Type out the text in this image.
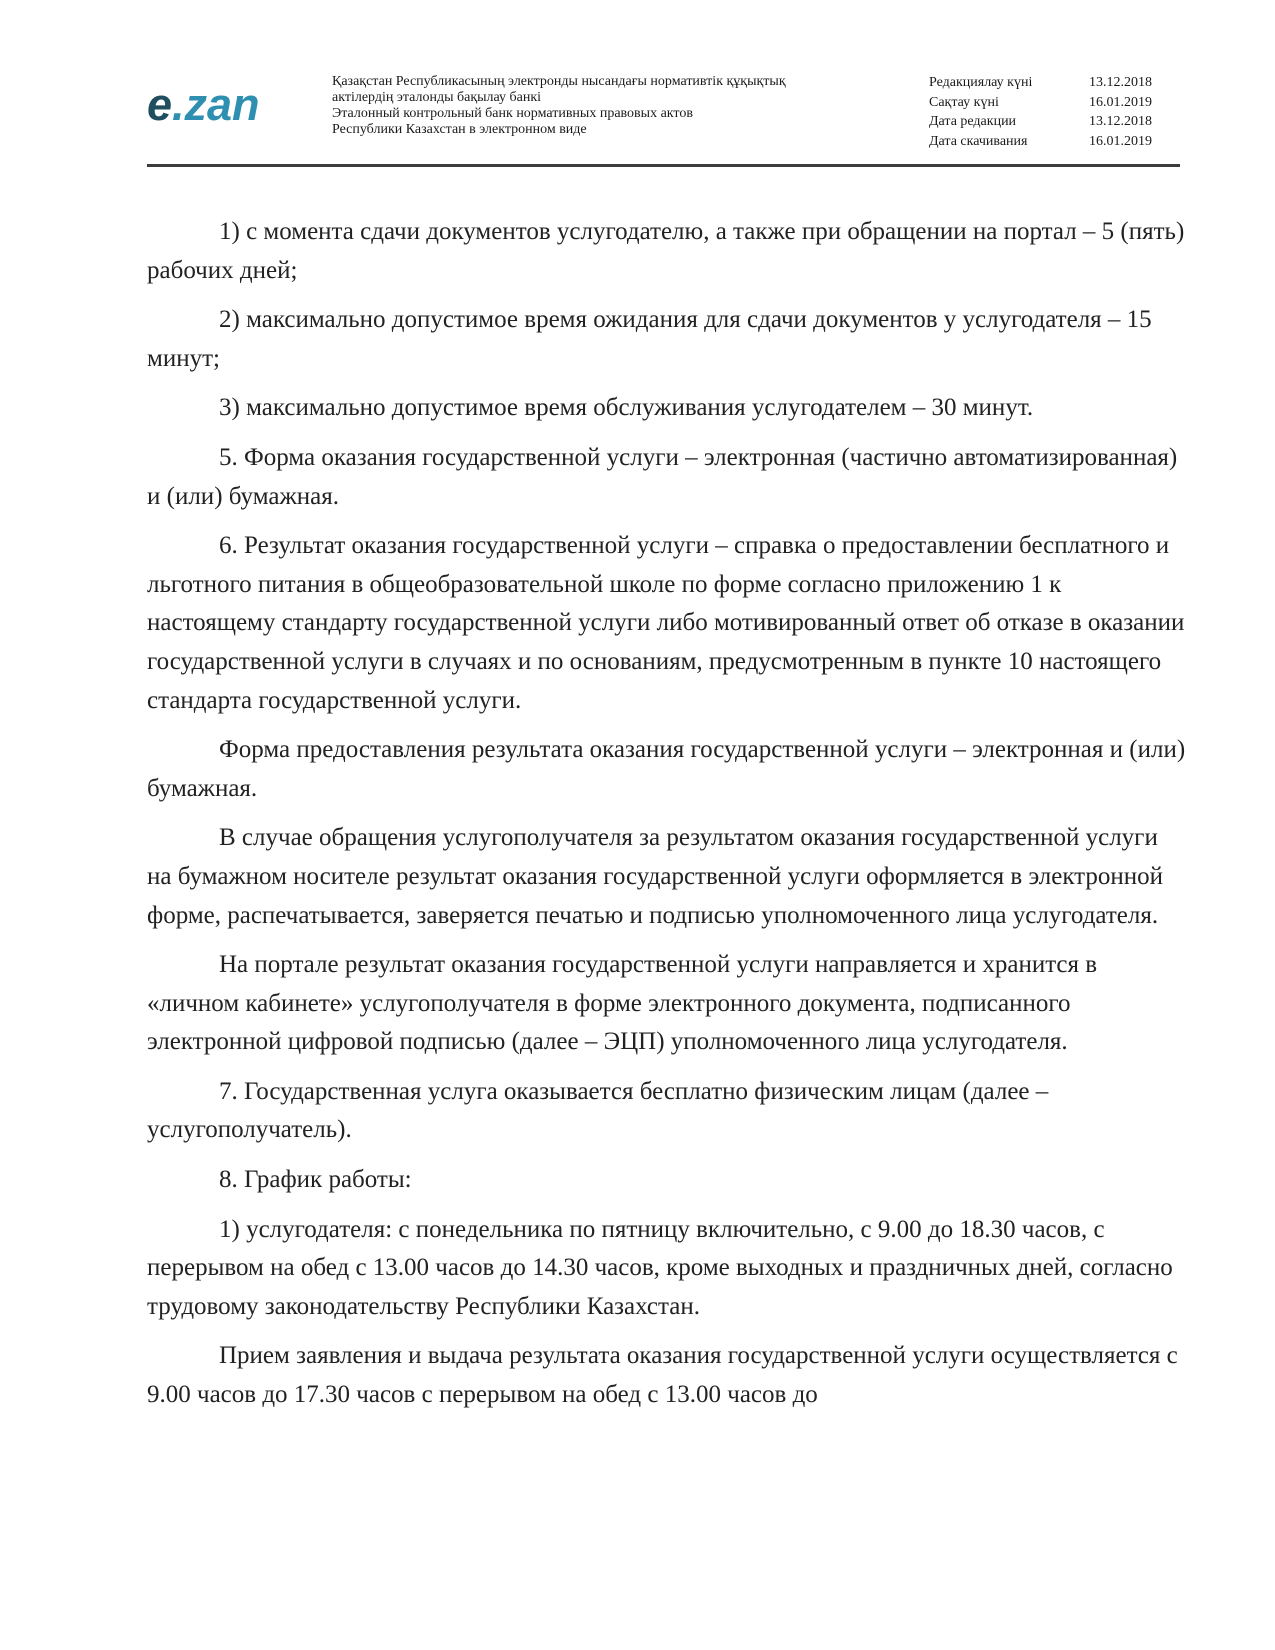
e.zan	Қазақстан Республикасының электронды нысандағы нормативтік құқықтық
актілердің эталонды бақылау банкі
Эталонный контрольный банк нормативных правовых актов
Республики Казахстан в электронном виде
Редакциялау күні	13.12.2018
Сақтау күні	16.01.2019
Дата редакции	13.12.2018
Дата скачивания	16.01.2019

1) с момента сдачи документов услугодателю, а также при обращении на портал – 5 (пять) рабочих дней;

2) максимально допустимое время ожидания для сдачи документов у услугодателя – 15 минут;

3) максимально допустимое время обслуживания услугодателем – 30 минут.

5. Форма оказания государственной услуги – электронная (частично автоматизированная) и (или) бумажная.

6. Результат оказания государственной услуги – справка о предоставлении бесплатного и льготного питания в общеобразовательной школе по форме согласно приложению 1 к настоящему стандарту государственной услуги либо мотивированный ответ об отказе в оказании государственной услуги в случаях и по основаниям, предусмотренным в пункте 10 настоящего стандарта государственной услуги.

Форма предоставления результата оказания государственной услуги – электронная и (или) бумажная.

В случае обращения услугополучателя за результатом оказания государственной услуги на бумажном носителе результат оказания государственной услуги оформляется в электронной форме, распечатывается, заверяется печатью и подписью уполномоченного лица услугодателя.

На портале результат оказания государственной услуги направляется и хранится в «личном кабинете» услугополучателя в форме электронного документа, подписанного электронной цифровой подписью (далее – ЭЦП) уполномоченного лица услугодателя.

7. Государственная услуга оказывается бесплатно физическим лицам (далее – услугополучатель).

8. График работы:

1) услугодателя: с понедельника по пятницу включительно, с 9.00 до 18.30 часов, с перерывом на обед с 13.00 часов до 14.30 часов, кроме выходных и праздничных дней, согласно трудовому законодательству Республики Казахстан.

Прием заявления и выдача результата оказания государственной услуги осуществляется с 9.00 часов до 17.30 часов с перерывом на обед с 13.00 часов до
